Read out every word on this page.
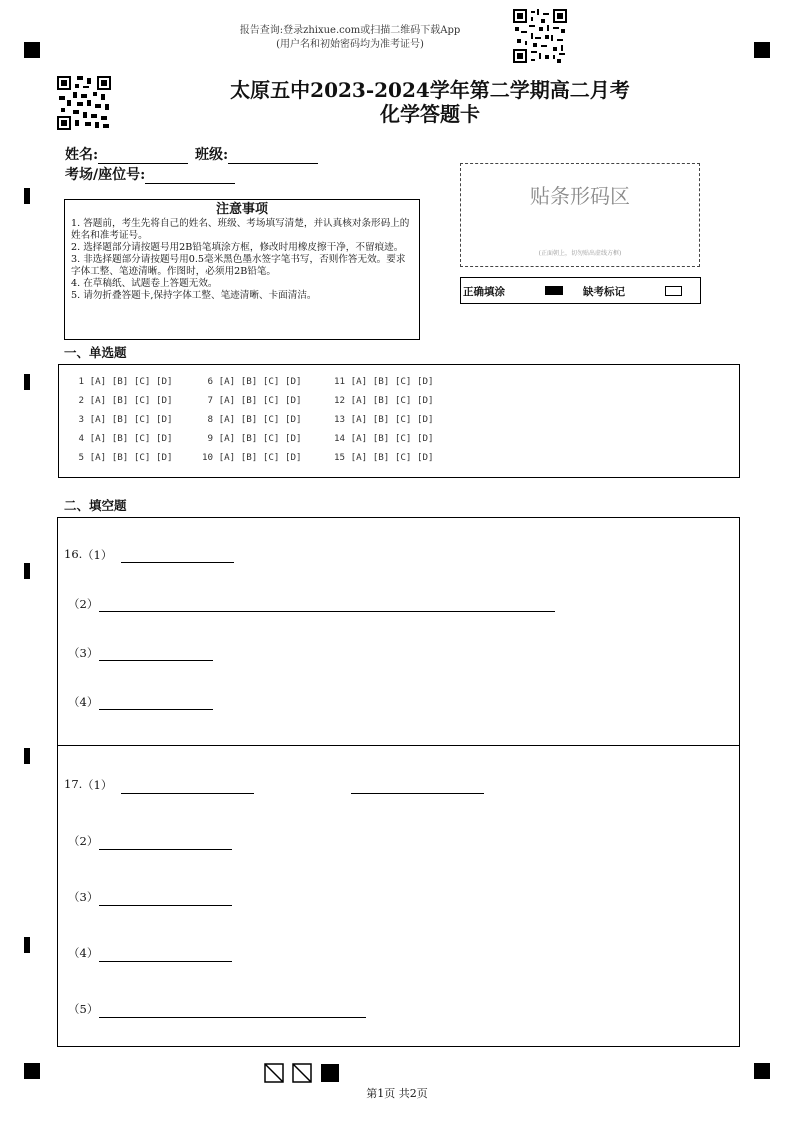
报告查询:登录zhixue.com或扫描二维码下载App
(用户名和初始密码均为准考证号)
太原五中2023-2024学年第二学期高二月考
化学答题卡
姓名:	班级:
考场/座位号:
注意事项
1. 答题前，考生先将自己的姓名、班级、考场填写清楚，并认真核对条形码上的姓名和准考证号。
2. 选择题部分请按题号用2B铅笔填涂方框，修改时用橡皮擦干净，不留痕迹。
3. 非选择题部分请按题号用0.5毫米黑色墨水签字笔书写，否则作答无效。要求字体工整、笔迹清晰。作图时，必须用2B铅笔。
4. 在草稿纸、试题卷上答题无效。
5. 请勿折叠答题卡,保持字体工整、笔迹清晰、卡面清洁。
贴条形码区
(正面朝上，切勿贴出虚线方框)
正确填涂	缺考标记
一、单选题
1 [A] [B] [C] [D]
2 [A] [B] [C] [D]
3 [A] [B] [C] [D]
4 [A] [B] [C] [D]
5 [A] [B] [C] [D]
6 [A] [B] [C] [D]
7 [A] [B] [C] [D]
8 [A] [B] [C] [D]
9 [A] [B] [C] [D]
10 [A] [B] [C] [D]
11 [A] [B] [C] [D]
12 [A] [B] [C] [D]
13 [A] [B] [C] [D]
14 [A] [B] [C] [D]
15 [A] [B] [C] [D]
二、填空题
16. （1）
（2）
（3）
（4）
17. （1）
（2）
（3）
（4）
（5）
第1页 共2页
